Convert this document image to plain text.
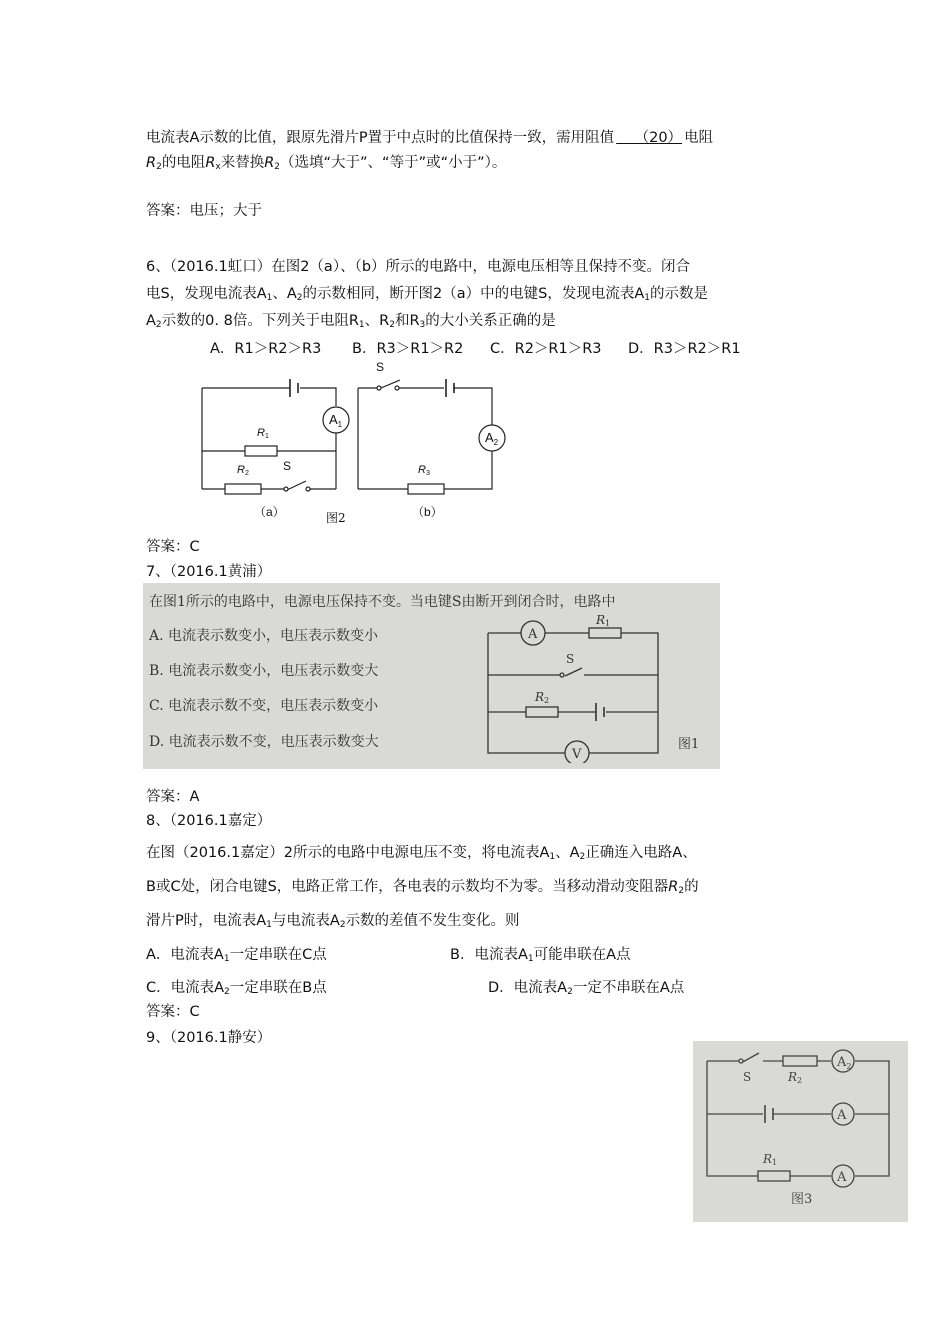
电流表A示数的比值，跟原先滑片P置于中点时的比值保持一致，需用阻值 （20） 电阻
$R_2$的电阻$R_x$来替换$R_2$（选填“大于”、“等于”或“小于”）。
答案：电压；大于
6、（2016.1虹口）在图2（a）、（b）所示的电路中，电源电压相等且保持不变。闭合
电S，发现电流表$A_1$、$A_2$的示数相同，断开图2（a）中的电键S，发现电流表$A_1$的示数是
$A_2$示数的0. 8倍。下列关于电阻$R_1$、$R_2$和$R_3$的大小关系正确的是
A．R1＞R2＞R3 B．R3＞R1＞R2 C．R2＞R1＞R3 D．R3＞R2＞R1
$A_1$
$A_2$
R1
R2	R3
S
S
（a）	图2	（b）
答案：C
7、（2016.1黄浦）
在图1所示的电路中，电源电压保持不变。当电键S由断开到闭合时，电路中
A. 电流表示数变小，电压表示数变小
B. 电流表示数变小，电压表示数变大
C. 电流表示数不变，电压表示数变小
D. 电流表示数不变，电压表示数变大
A
V
R1
R2
S
图1
答案：A
8、（2016.1嘉定）
在图（2016.1嘉定）2所示的电路中电源电压不变，将电流表$A_1$、$A_2$正确连入电路A、
B或C处，闭合电键S，电路正常工作，各电表的示数均不为零。当移动滑动变阻器$R_2$的
滑片P时，电流表$A_1$与电流表$A_2$示数的差值不发生变化。则
A．电流表$A_1$一定串联在C点	B．电流表$A_1$可能串联在A点
C．电流表$A_2$一定串联在B点	D．电流表$A_2$一定不串联在A点
答案：C
9、（2016.1静安）
$A_2$
A
A
S	R2
R1
图3
